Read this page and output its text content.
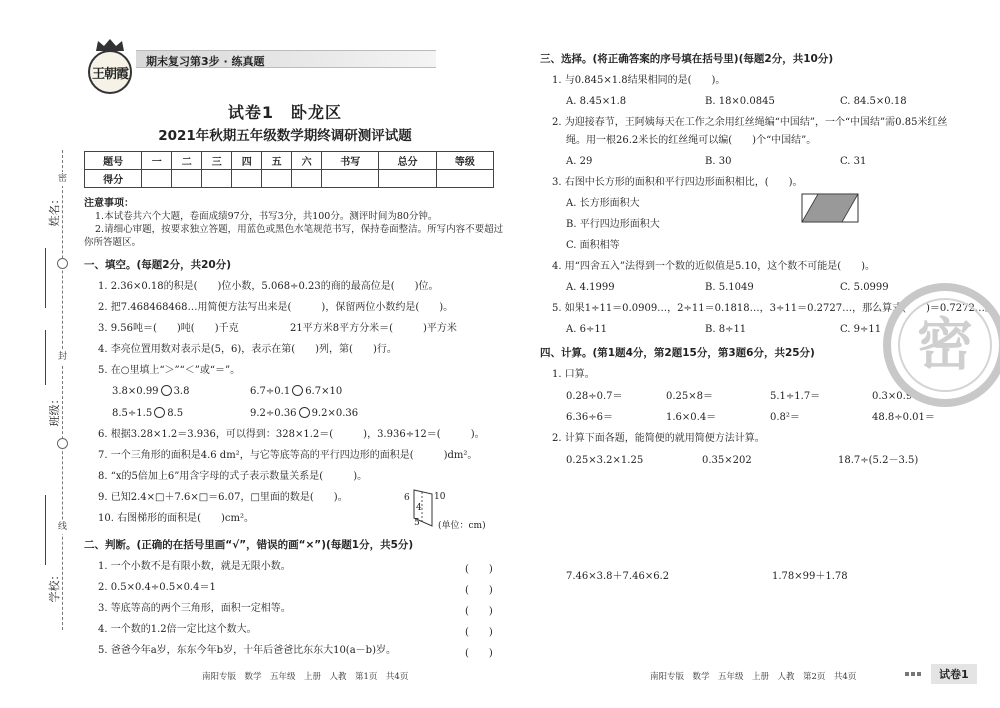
密
封
线
姓名：
班级：
学校：
王朝霞
期末复习第3步 · 练真题
试卷1　卧龙区
2021年秋期五年级数学期终调研测评试题
题号	一	二	三	四	五	六	书写	总分	等级
得分									
注意事项：
1.本试卷共六个大题，卷面成绩97分，书写3分，共100分。测评时间为80分钟。
2.请细心审题，按要求独立答题，用蓝色或黑色水笔规范书写，保持卷面整洁。所写内容不要超过
你所答题区。
一、填空。(每题2分，共20分)
1. 2.36×0.18的积是(　　)位小数，5.068÷0.23的商的最高位是(　　)位。
2. 把7.468468468…用简便方法写出来是(　　　)，保留两位小数约是(　　)。
3. 9.56吨＝(　　)吨(　　)千克	21平方米8平方分米＝(　　　)平方米
4. 李亮位置用数对表示是(5，6)，表示在第(　　)列，第(　　)行。
5. 在○里填上“＞”“＜”或“＝”。
3.8×0.99 3.8	6.7÷0.1 6.7×10
8.5÷1.5 8.5	9.2÷0.36 9.2×0.36
6. 根据3.28×1.2＝3.936，可以得到：328×1.2＝(　　　)，3.936÷12＝(　　　)。
7. 一个三角形的面积是4.6 dm²，与它等底等高的平行四边形的面积是(　　　)dm²。
8. “x的5倍加上6”用含字母的式子表示数量关系是(　　　)。
9. 已知2.4×□＋7.6×□＝6.07，□里面的数是(　　)。
10. 右图梯形的面积是(　　)cm²。
6	10
4
5 (单位：cm)
二、判断。(正确的在括号里画“√”，错误的画“×”)(每题1分，共5分)
1. 一个小数不是有限小数，就是无限小数。	(　　)
2. 0.5×0.4÷0.5×0.4＝1	(　　)
3. 等底等高的两个三角形，面积一定相等。	(　　)
4. 一个数的1.2倍一定比这个数大。	(　　)
5. 爸爸今年a岁，东东今年b岁，十年后爸爸比东东大10(a－b)岁。	(　　)
三、选择。(将正确答案的序号填在括号里)(每题2分，共10分)
1. 与0.845×1.8结果相同的是(　　)。
A. 8.45×1.8	B. 18×0.0845	C. 84.5×0.18
2. 为迎接春节，王阿姨每天在工作之余用红丝绳编“中国结”，一个“中国结”需0.85米红丝
绳。用一根26.2米长的红丝绳可以编(　　)个“中国结”。
A. 29	B. 30	C. 31
3. 右图中长方形的面积和平行四边形面积相比，(　　)。
A. 长方形面积大
B. 平行四边形面积大
C. 面积相等
4. 用“四舍五入”法得到一个数的近似值是5.10，这个数不可能是(　　)。
A. 4.1999	B. 5.1049	C. 5.0999
5. 如果1÷11＝0.0909…，2÷11＝0.1818…，3÷11＝0.2727…，那么算式(　　)＝0.7272…。
A. 6÷11	B. 8÷11	C. 9÷11
四、计算。(第1题4分，第2题15分，第3题6分，共25分)
1. 口算。
0.28÷0.7＝	0.25×8＝	5.1÷1.7＝	0.3×0.9＝
6.36÷6＝	1.6×0.4＝	0.8²＝	48.8÷0.01＝
2. 计算下面各题，能简便的就用简便方法计算。
0.25×3.2×1.25	0.35×202	18.7÷(5.2－3.5)
7.46×3.8＋7.46×6.2	1.78×99＋1.78
密
南阳专版　数学　五年级　上册　人教　第1页　共4页	南阳专版　数学　五年级　上册　人教　第2页　共4页	试卷1
